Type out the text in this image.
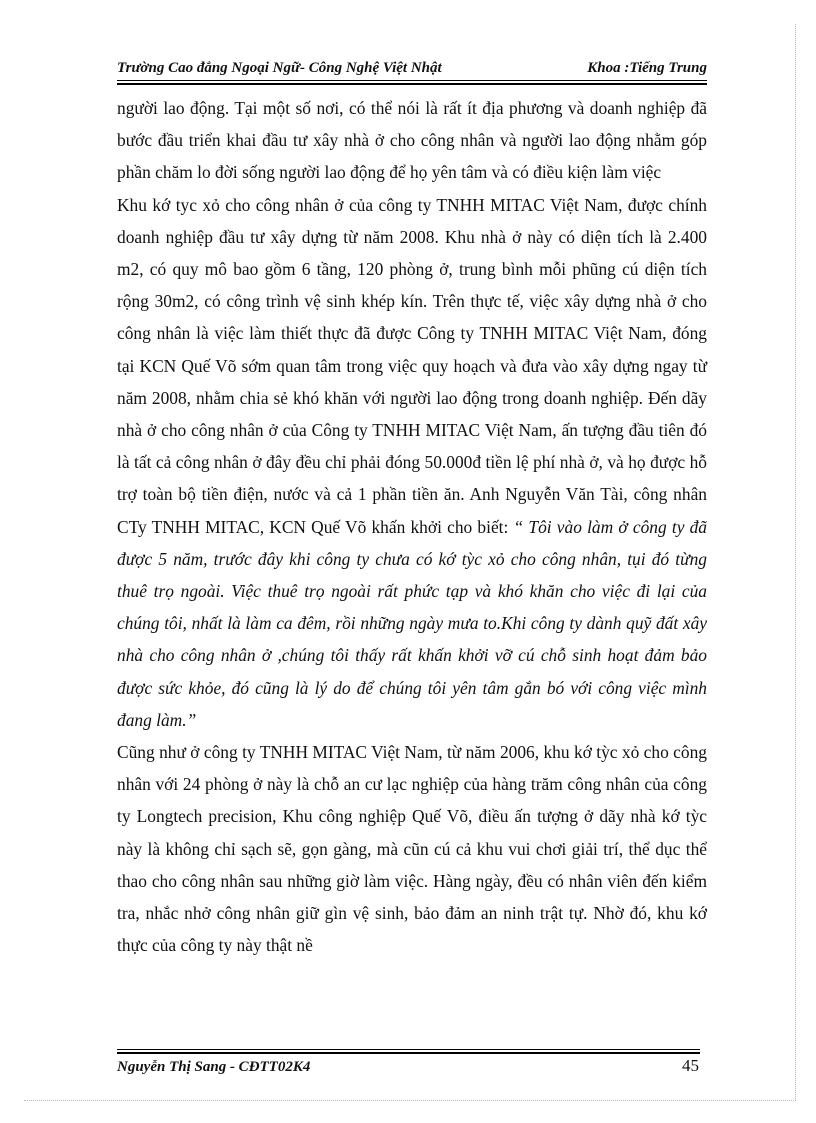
Trường Cao đẳng Ngoại Ngữ- Công Nghệ Việt Nhật	Khoa :Tiếng Trung

người lao động. Tại một số nơi, có thể nói là rất ít địa phương và doanh nghiệp đã bước đầu triển khai đầu tư xây nhà ở cho công nhân và người lao động nhằm góp phần chăm lo đời sống người lao động để họ yên tâm và có điều kiện làm việc

Khu kớ tyc xỏ cho công nhân ở của công ty TNHH MITAC Việt Nam, được chính doanh nghiệp đầu tư xây dựng từ năm 2008. Khu nhà ở này có diện tích là 2.400 m2, có quy mô bao gồm 6 tầng, 120 phòng ở, trung bình mỗi phũng cú diện tích rộng 30m2, có công trình vệ sinh khép kín. Trên thực tế, việc xây dựng nhà ở cho công nhân là việc làm thiết thực đã được Công ty TNHH MITAC Việt Nam, đóng tại KCN Quế Võ sớm quan tâm trong việc quy hoạch và đưa vào xây dựng ngay từ năm 2008, nhằm chia sẻ khó khăn với người lao động trong doanh nghiệp. Đến dãy nhà ở cho công nhân ở của Công ty TNHH MITAC Việt Nam, ấn tượng đầu tiên đó là tất cả công nhân ở đây đều chỉ phải đóng 50.000đ tiền lệ phí nhà ở, và họ được hỗ trợ toàn bộ tiền điện, nước và cả 1 phần tiền ăn. Anh Nguyễn Văn Tài, công nhân CTy TNHH MITAC, KCN Quế Võ khấn khởi cho biết: “ Tôi vào làm ở công ty đã được 5 năm, trước đây khi công ty chưa có kớ tỳc xỏ cho công nhân, tụi đó từng thuê trọ ngoài. Việc thuê trọ ngoài rất phức tạp và khó khăn cho việc đi lại của chúng tôi, nhất là làm ca đêm, rồi những ngày mưa to.Khi công ty dành quỹ đất xây nhà cho công nhân ở ,chúng tôi thấy rất khấn khởi vỡ cú chỗ sinh hoạt đảm bảo được sức khỏe, đó cũng là lý do để chúng tôi yên tâm gắn bó với công việc mình đang làm.”

Cũng như ở công ty TNHH MITAC Việt Nam, từ năm 2006, khu kớ tỳc xỏ cho công nhân với 24 phòng ở này là chỗ an cư lạc nghiệp của hàng trăm công nhân của công ty Longtech precision, Khu công nghiệp Quế Võ, điều ấn tượng ở dãy nhà kớ tỳc này là không chỉ sạch sẽ, gọn gàng, mà cũn cú cả khu vui chơi giải trí, thể dục thể thao cho công nhân sau những giờ làm việc. Hàng ngày, đều có nhân viên đến kiểm tra, nhắc nhở công nhân giữ gìn vệ sinh, bảo đảm an ninh trật tự. Nhờ đó, khu kớ thực của công ty này thật nề

Nguyễn Thị Sang - CĐTT02K4	45
